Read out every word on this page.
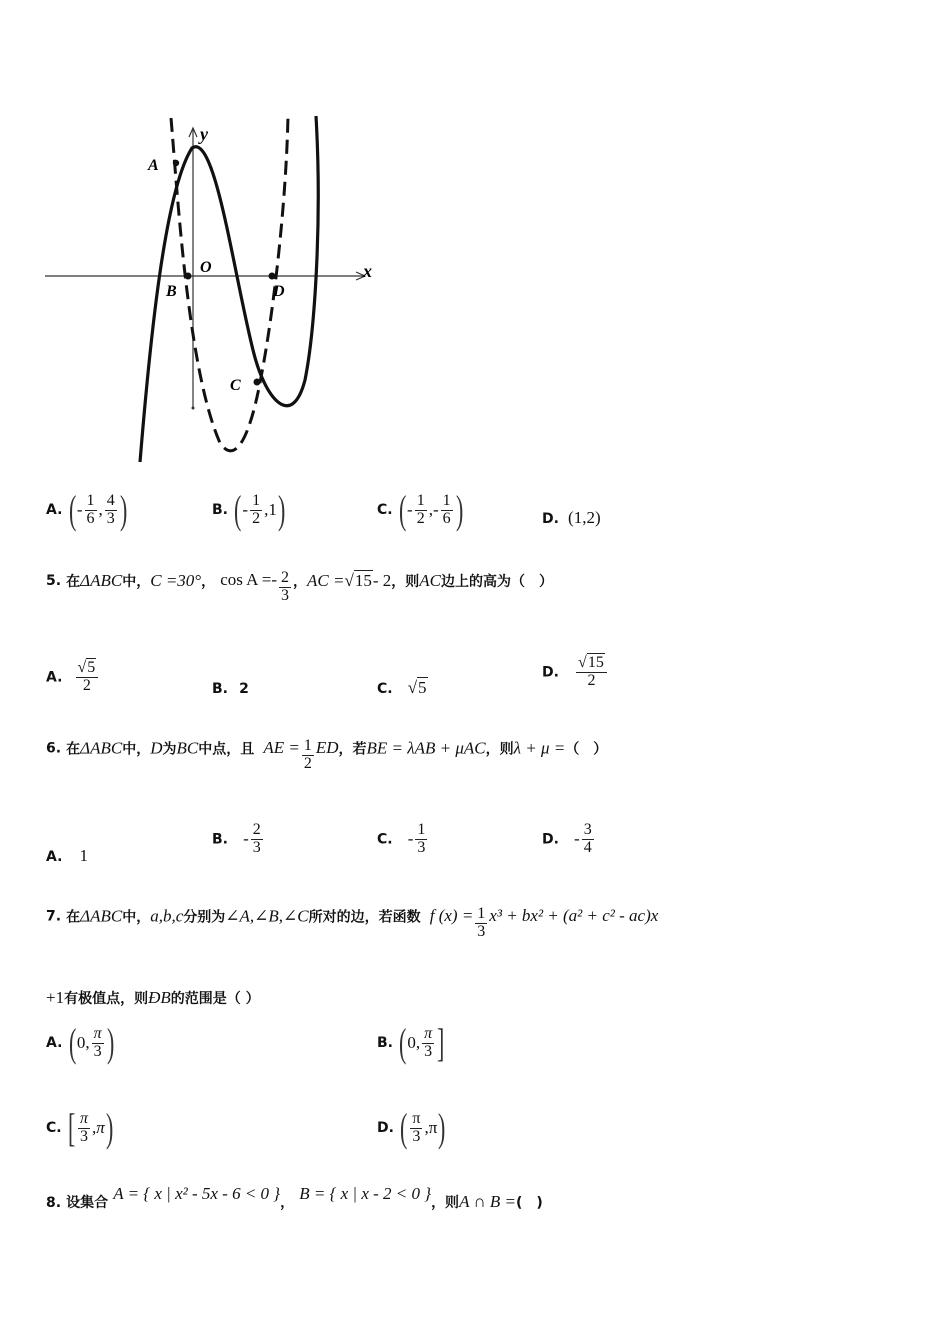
y
x
O
A
B	D
C
A. (- $\frac{1}{6}$ , $\frac{4}{3}$ )	B. (- $\frac{1}{2} ,1$)	C. (- $\frac{1}{2}$ ,- $\frac{1}{6}$ )	D. (1,2)
5. 在ΔABC中，C =30°， $\cos A =- \frac{2}{3}$ ，AC =√15- 2，则AC边上的高为（　）
A. $\frac{√5}{2}$	B. 2	C. √5
D. $\frac{√15}{2}$
6. 在ΔABC中，D为BC中点，且 AE = $\frac{1}{2}$ ED，若BE = λAB + μAC，则λ + μ =（　）
A. 1
B. - $\frac{2}{3}$	C. - $\frac{1}{3}$	D. - $\frac{3}{4}$
7. 在ΔABC中，a,b,c分别为∠A,∠B,∠C所对的边，若函数 f $(x) = \frac{1}{3} x^3 + bx^2 + (a^2 + c^2 - ac)x$
+1有极值点，则ÐB的范围是（ ）
A. (0, $\frac{\pi}{3}$ )	B. (0, $\frac{\pi}{3}$ ]
C. [ $\frac{\pi}{3} ,\pi$)	D. ( $\frac{\pi}{3} ,\pi$)
8. 设集合 A = { x | x² - 5x - 6 < 0 }， B = { x | x - 2 < 0 }，则A ∩ B =(　)
